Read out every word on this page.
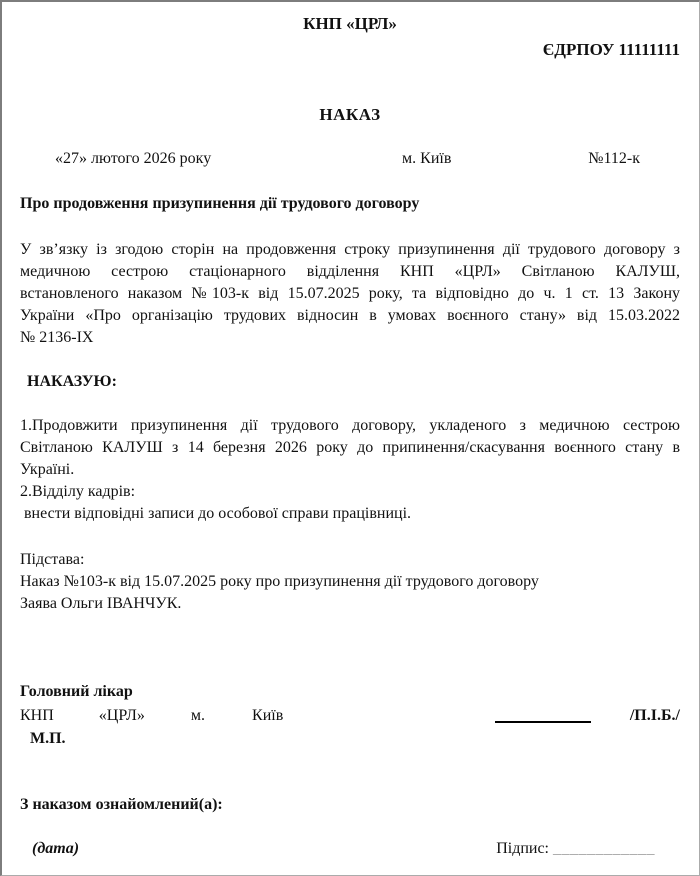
КНП «ЦРЛ»
ЄДРПОУ 11111111
НАКАЗ
«27» лютого 2026 року	м. Київ	№112-к
Про продовження призупинення дії трудового договору
У зв’язку із згодою сторін на продовження строку призупинення дії трудового договору з
медичною сестрою стаціонарного відділення КНП «ЦРЛ» Світланою КАЛУШ,
встановленого наказом №103-к від 15.07.2025 року, та відповідно до ч. 1 ст. 13 Закону
України «Про організацію трудових відносин в умовах воєнного стану» від 15.03.2022
№ 2136-ІХ
НАКАЗУЮ:
1.Продовжити призупинення дії трудового договору, укладеного з медичною сестрою
Світланою КАЛУШ з 14 березня 2026 року до припинення/скасування воєнного стану в
Україні.
2.Відділу кадрів:
внести відповідні записи до особової справи працівниці.
Підстава:
Наказ №103-к від 15.07.2025 року про призупинення дії трудового договору
Заява Ольги ІВАНЧУК.
Головний лікар
КНП	«ЦРЛ»	м.	Київ	/П.І.Б./
М.П.
З наказом ознайомлений(а):
(дата)	Підпис: ____________
